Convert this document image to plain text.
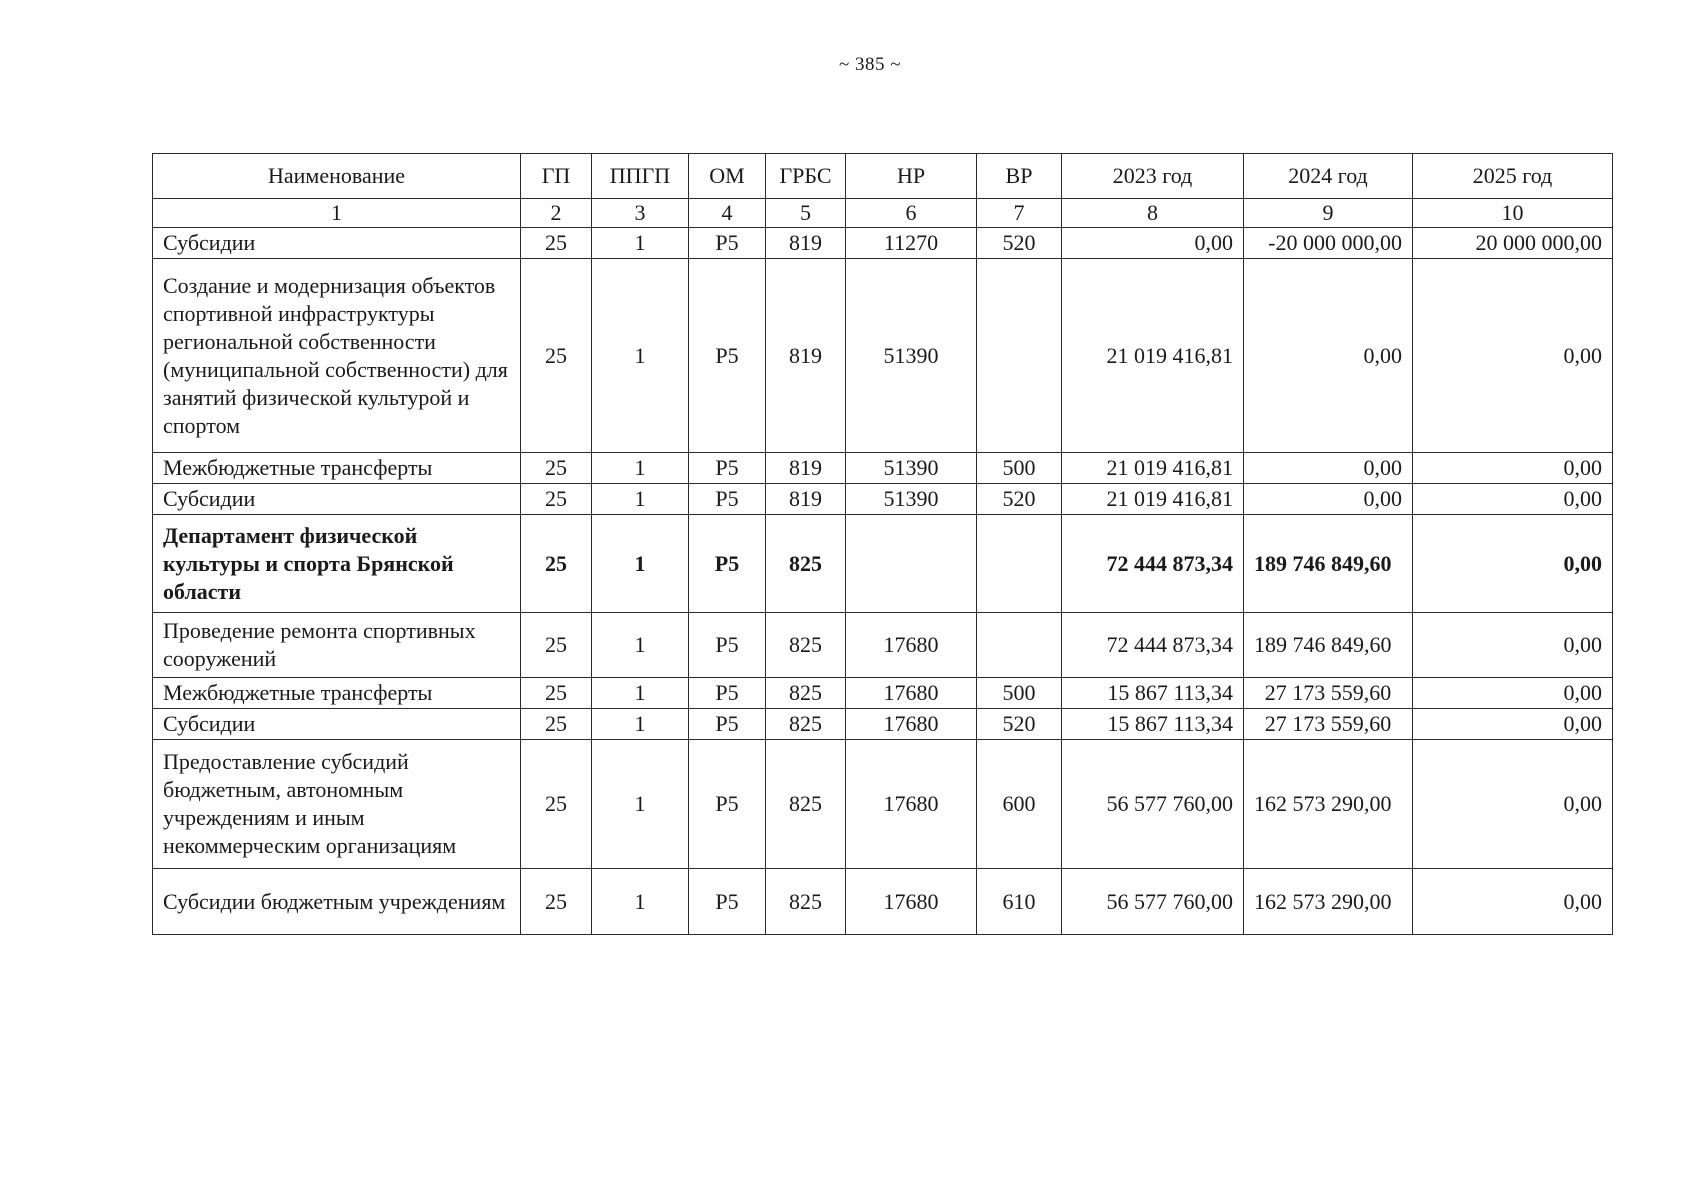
~ 385 ~
Наименование	ГП	ППГП	ОМ	ГРБС	НР	ВР	2023 год	2024 год	2025 год
1	2	3	4	5	6	7	8	9	10
Субсидии	25	1	Р5	819	11270	520	0,00	-20 000 000,00	20 000 000,00
Создание и модернизация объектов спортивной инфраструктуры региональной собственности (муниципальной собственности) для занятий физической культурой и спортом	25	1	Р5	819	51390		21 019 416,81	0,00	0,00
Межбюджетные трансферты	25	1	Р5	819	51390	500	21 019 416,81	0,00	0,00
Субсидии	25	1	Р5	819	51390	520	21 019 416,81	0,00	0,00
Департамент физической культуры и спорта Брянской области	25	1	Р5	825			72 444 873,34	189 746 849,60	0,00
Проведение ремонта спортивных сооружений	25	1	Р5	825	17680		72 444 873,34	189 746 849,60	0,00
Межбюджетные трансферты	25	1	Р5	825	17680	500	15 867 113,34	27 173 559,60	0,00
Субсидии	25	1	Р5	825	17680	520	15 867 113,34	27 173 559,60	0,00
Предоставление субсидий бюджетным, автономным учреждениям и иным некоммерческим организациям	25	1	Р5	825	17680	600	56 577 760,00	162 573 290,00	0,00
Субсидии бюджетным учреждениям	25	1	Р5	825	17680	610	56 577 760,00	162 573 290,00	0,00
